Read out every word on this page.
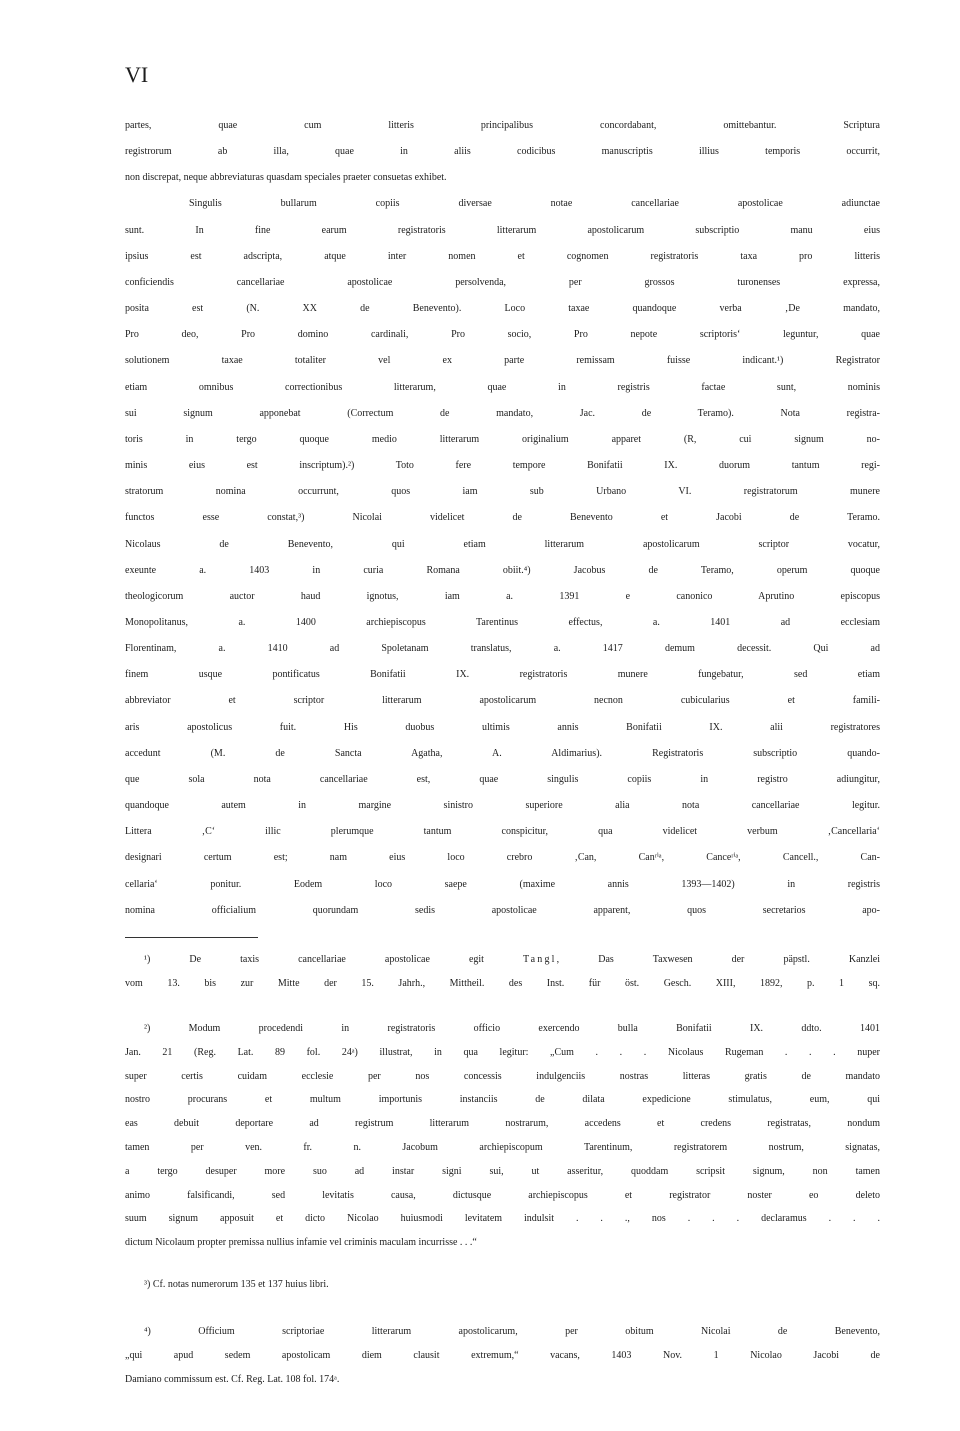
VI
partes, quae cum litteris principalibus concordabant, omittebantur. Scriptura
registrorum ab illa, quae in aliis codicibus manuscriptis illius temporis occurrit,
non discrepat, neque abbreviaturas quasdam speciales praeter consuetas exhibet.
Singulis bullarum copiis diversae notae cancellariae apostolicae adiunctae
sunt. In fine earum registratoris litterarum apostolicarum subscriptio manu eius
ipsius est adscripta, atque inter nomen et cognomen registratoris taxa pro litteris
conficiendis cancellariae apostolicae persolvenda, per grossos turonenses expressa,
posita est (N. XX de Benevento). Loco taxae quandoque verba ‚De mandato,
Pro deo, Pro domino cardinali, Pro socio, Pro nepote scriptoris‘ leguntur, quae
solutionem taxae totaliter vel ex parte remissam fuisse indicant.¹) Registrator
etiam omnibus correctionibus litterarum, quae in registris factae sunt, nominis
sui signum apponebat (Correctum de mandato, Jac. de Teramo). Nota registra-
toris in tergo quoque medio litterarum originalium apparet (R, cui signum no-
minis eius est inscriptum).²) Toto fere tempore Bonifatii IX. duorum tantum regi-
stratorum nomina occurrunt, quos iam sub Urbano VI. registratorum munere
functos esse constat,³) Nicolai videlicet de Benevento et Jacobi de Teramo.
Nicolaus de Benevento, qui etiam litterarum apostolicarum scriptor vocatur,
exeunte a. 1403 in curia Romana obiit.⁴) Jacobus de Teramo, operum quoque
theologicorum auctor haud ignotus, iam a. 1391 e canonico Aprutino episcopus
Monopolitanus, a. 1400 archiepiscopus Tarentinus effectus, a. 1401 ad ecclesiam
Florentinam, a. 1410 ad Spoletanam translatus, a. 1417 demum decessit. Qui ad
finem usque pontificatus Bonifatii IX. registratoris munere fungebatur, sed etiam
abbreviator et scriptor litterarum apostolicarum necnon cubicularius et famili-
aris apostolicus fuit. His duobus ultimis annis Bonifatii IX. alii registratores
accedunt (M. de Sancta Agatha, A. Aldimarius). Registratoris subscriptio quando-
que sola nota cancellariae est, quae singulis copiis in registro adiungitur,
quandoque autem in margine sinistro superiore alia nota cancellariae legitur.
Littera ‚C‘ illic plerumque tantum conspicitur, qua videlicet verbum ‚Cancellaria‘
designari certum est; nam eius loco crebro ‚Can, Canʳⁱᵃ, Canceʳⁱᵃ, Cancell., Can-
cellaria‘ ponitur. Eodem loco saepe (maxime annis 1393—1402) in registris
nomina officialium quorundam sedis apostolicae apparent, quos secretarios apo-
¹) De taxis cancellariae apostolicae egit Tangl, Das Taxwesen der päpstl. Kanzlei
vom 13. bis zur Mitte der 15. Jahrh., Mittheil. des Inst. für öst. Gesch. XIII, 1892, p. 1 sq.
²) Modum procedendi in registratoris officio exercendo bulla Bonifatii IX. ddto. 1401
Jan. 21 (Reg. Lat. 89 fol. 24ᵃ) illustrat, in qua legitur: „Cum . . . Nicolaus Rugeman . . . nuper
super certis cuidam ecclesie per nos concessis indulgenciis nostras litteras gratis de mandato
nostro procurans et multum importunis instanciis de dilata expedicione stimulatus, eum, qui
eas debuit deportare ad registrum litterarum nostrarum, accedens et credens registratas, nondum
tamen per ven. fr. n. Jacobum archiepiscopum Tarentinum, registratorem nostrum, signatas,
a tergo desuper more suo ad instar signi sui, ut asseritur, quoddam scripsit signum, non tamen
animo falsificandi, sed levitatis causa, dictusque archiepiscopus et registrator noster eo deleto
suum signum apposuit et dicto Nicolao huiusmodi levitatem indulsit . . ., nos . . . declaramus . . .
dictum Nicolaum propter premissa nullius infamie vel criminis maculam incurrisse . . .“
³) Cf. notas numerorum 135 et 137 huius libri.
⁴) Officium scriptoriae litterarum apostolicarum, per obitum Nicolai de Benevento,
„qui apud sedem apostolicam diem clausit extremum,“ vacans, 1403 Nov. 1 Nicolao Jacobi de
Damiano commissum est. Cf. Reg. Lat. 108 fol. 174ᵃ.
